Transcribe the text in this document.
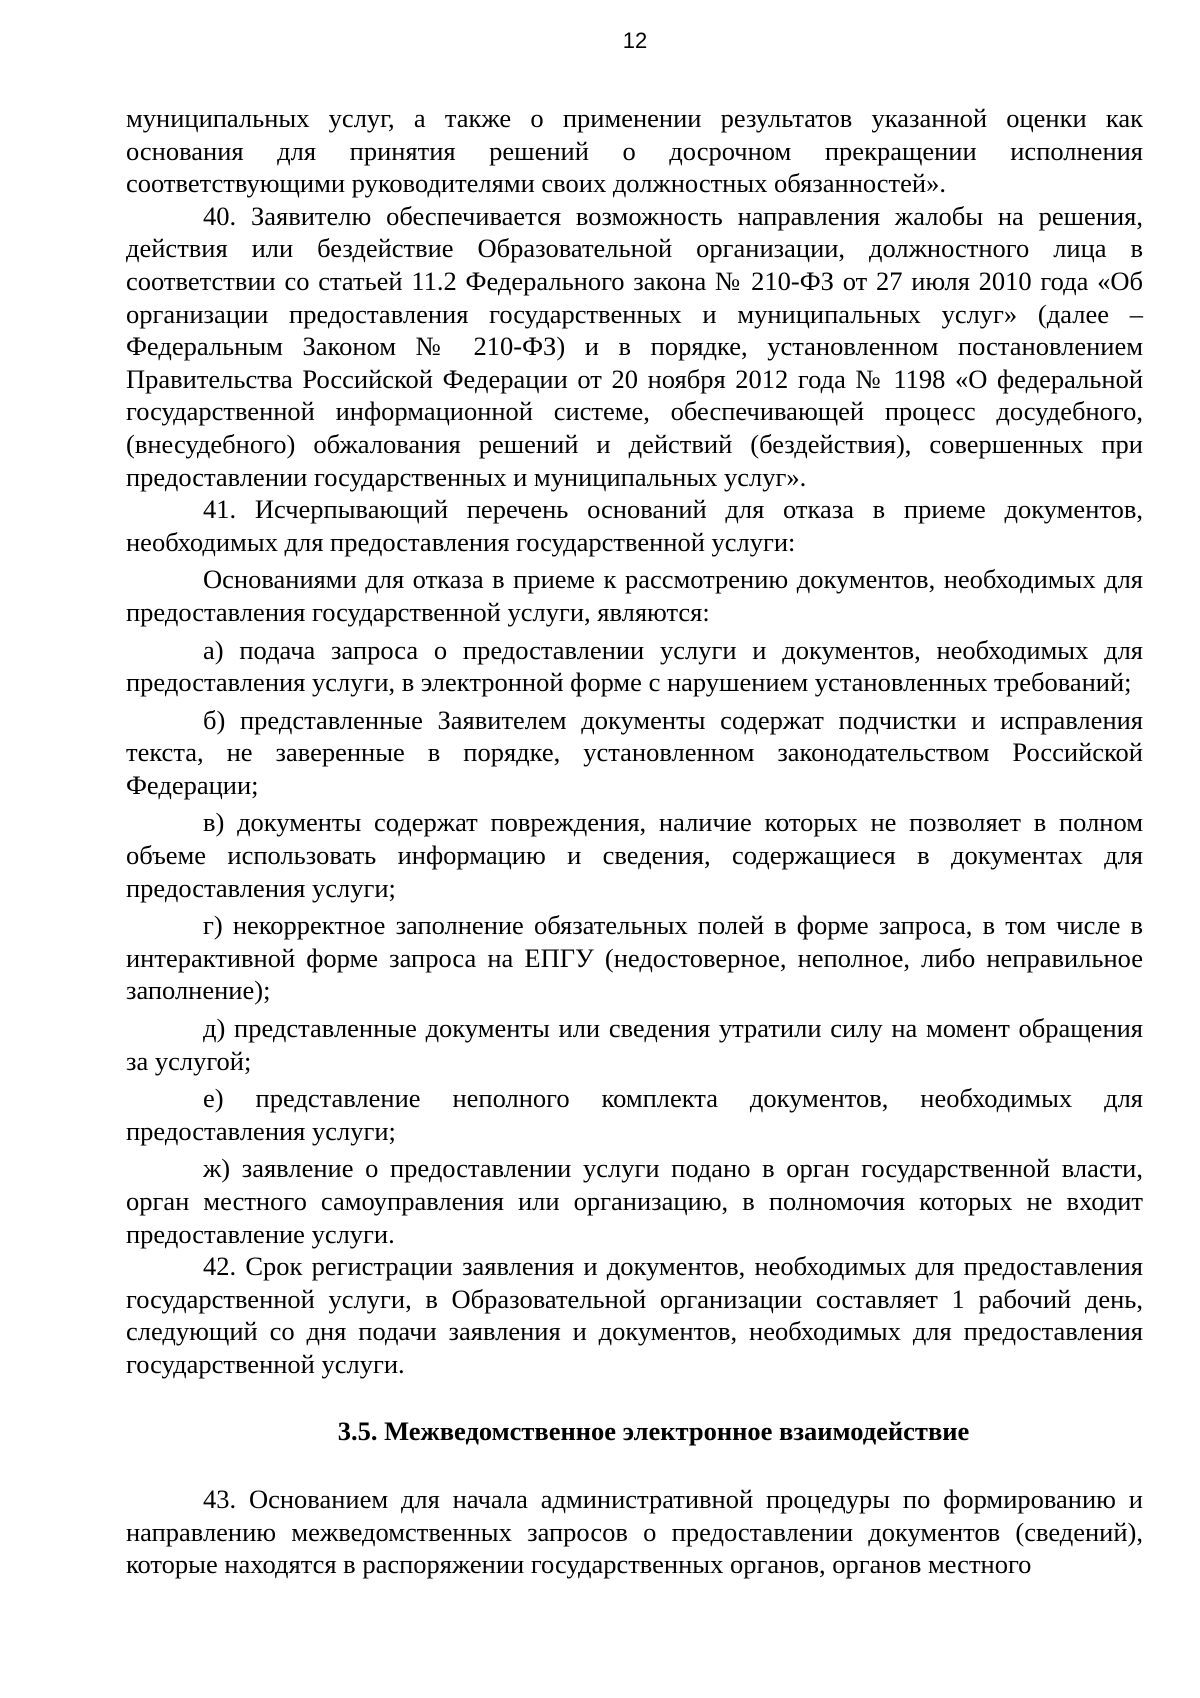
12

муниципальных услуг, а также о применении результатов указанной оценки как основания для принятия решений о досрочном прекращении исполнения соответствующими руководителями своих должностных обязанностей».

40. Заявителю обеспечивается возможность направления жалобы на решения, действия или бездействие Образовательной организации, должностного лица в соответствии со статьей 11.2 Федерального закона № 210-ФЗ от 27 июля 2010 года «Об организации предоставления государственных и муниципальных услуг» (далее – Федеральным Законом № 210-ФЗ) и в порядке, установленном постановлением Правительства Российской Федерации от 20 ноября 2012 года № 1198 «О федеральной государственной информационной системе, обеспечивающей процесс досудебного, (внесудебного) обжалования решений и действий (бездействия), совершенных при предоставлении государственных и муниципальных услуг».

41. Исчерпывающий перечень оснований для отказа в приеме документов, необходимых для предоставления государственной услуги:

Основаниями для отказа в приеме к рассмотрению документов, необходимых для предоставления государственной услуги, являются:

а) подача запроса о предоставлении услуги и документов, необходимых для предоставления услуги, в электронной форме с нарушением установленных требований;

б) представленные Заявителем документы содержат подчистки и исправления текста, не заверенные в порядке, установленном законодательством Российской Федерации;

в) документы содержат повреждения, наличие которых не позволяет в полном объеме использовать информацию и сведения, содержащиеся в документах для предоставления услуги;

г) некорректное заполнение обязательных полей в форме запроса, в том числе в интерактивной форме запроса на ЕПГУ (недостоверное, неполное, либо неправильное заполнение);

д) представленные документы или сведения утратили силу на момент обращения за услугой;

е) представление неполного комплекта документов, необходимых для предоставления услуги;

ж) заявление о предоставлении услуги подано в орган государственной власти, орган местного самоуправления или организацию, в полномочия которых не входит предоставление услуги.

42. Срок регистрации заявления и документов, необходимых для предоставления государственной услуги, в Образовательной организации составляет 1 рабочий день, следующий со дня подачи заявления и документов, необходимых для предоставления государственной услуги.

3.5. Межведомственное электронное взаимодействие

43. Основанием для начала административной процедуры по формированию и направлению межведомственных запросов о предоставлении документов (сведений), которые находятся в распоряжении государственных органов, органов местного
